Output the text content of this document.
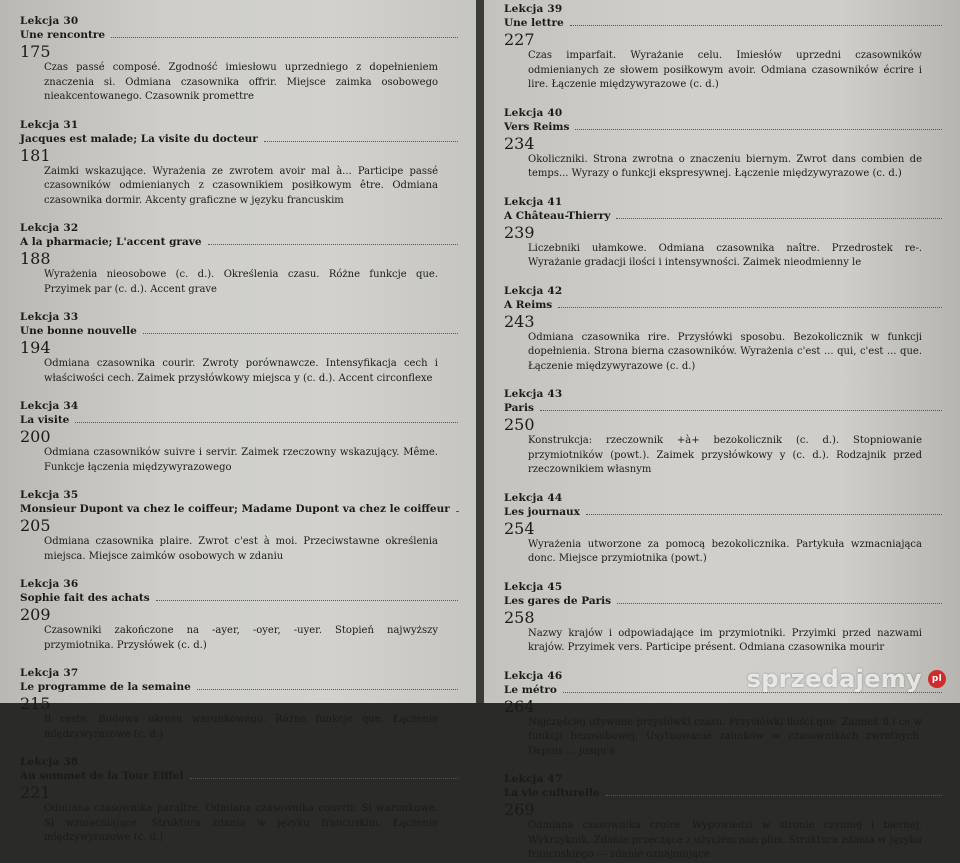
Lekcja 30
Une rencontre
175
Czas passé composé. Zgodność imiesłowu uprzedniego z dopełnieniem znaczenia si. Odmiana czasownika offrir. Miejsce zaimka osobowego nieakcentowanego. Czasownik promettre
Lekcja 31
Jacques est malade; La visite du docteur
181
Zaimki wskazujące. Wyrażenia ze zwrotem avoir mal à... Participe passé czasowników odmienianych z czasownikiem posiłkowym être. Odmiana czasownika dormir. Akcenty graficzne w języku francuskim
Lekcja 32
A la pharmacie; L'accent grave
188
Wyrażenia nieosobowe (c. d.). Określenia czasu. Różne funkcje que. Przyimek par (c. d.). Accent grave
Lekcja 33
Une bonne nouvelle
194
Odmiana czasownika courir. Zwroty porównawcze. Intensyfikacja cech i właściwości cech. Zaimek przysłówkowy miejsca y (c. d.). Accent circonflexe
Lekcja 34
La visite
200
Odmiana czasowników suivre i servir. Zaimek rzeczowny wskazujący. Même. Funkcje łączenia międzywyrazowego
Lekcja 35
Monsieur Dupont va chez le coiffeur; Madame Dupont va chez le coiffeur
205
Odmiana czasownika plaire. Zwrot c'est à moi. Przeciwstawne określenia miejsca. Miejsce zaimków osobowych w zdaniu
Lekcja 36
Sophie fait des achats
209
Czasowniki zakończone na -ayer, -oyer, -uyer. Stopień najwyższy przymiotnika. Przysłówek (c. d.)
Lekcja 37
Le programme de la semaine
215
Il reste. Budowa okresu warunkowego. Różne funkcje que. Łączenie międzywyrazowe (c. d.)
Lekcja 38
Au sommet de la Tour Eiffel
221
Odmiana czasownika paraître. Odmiana czasownika couvrir. Si warunkowe. Si wzmacniające. Struktura zdania w języku francuskim. Łączenie międzywyrazowe (c. d.)
Lekcja 39
Une lettre
227
Czas imparfait. Wyrażanie celu. Imiesłów uprzedni czasowników odmienianych ze słowem posiłkowym avoir. Odmiana czasowników écrire i lire. Łączenie międzywyrazowe (c. d.)
Lekcja 40
Vers Reims
234
Okoliczniki. Strona zwrotna o znaczeniu biernym. Zwrot dans combien de temps... Wyrazy o funkcji ekspresywnej. Łączenie międzywyrazowe (c. d.)
Lekcja 41
A Château-Thierry
239
Liczebniki ułamkowe. Odmiana czasownika naître. Przedrostek re-. Wyrażanie gradacji ilości i intensywności. Zaimek nieodmienny le
Lekcja 42
A Reims
243
Odmiana czasownika rire. Przysłówki sposobu. Bezokolicznik w funkcji dopełnienia. Strona bierna czasowników. Wyrażenia c'est ... qui, c'est ... que. Łączenie międzywyrazowe (c. d.)
Lekcja 43
Paris
250
Konstrukcja: rzeczownik +à+ bezokolicznik (c. d.). Stopniowanie przymiotników (powt.). Zaimek przysłówkowy y (c. d.). Rodzajnik przed rzeczownikiem własnym
Lekcja 44
Les journaux
254
Wyrażenia utworzone za pomocą bezokolicznika. Partykuła wzmacniająca donc. Miejsce przymiotnika (powt.)
Lekcja 45
Les gares de Paris
258
Nazwy krajów i odpowiadające im przymiotniki. Przyimki przed nazwami krajów. Przyimek vers. Participe présent. Odmiana czasownika mourir
Lekcja 46
Le métro
264
Najczęściej używane przysłówki czasu. Przysłówki ilości que. Zaimek il i ce w funkcji bezosobowej. Usytuowanie zaimków w czasownikach zwrotnych. Depuis ... jusqu'à
Lekcja 47
La vie culturelle
269
Odmiana czasownika croire. Wypowiedzi w stronie czynnej i biernej. Wykrzyknik. Zdania przeczące z użyciem non plus. Struktura zdania w języku francuskiego — zdanie oznajmujące
sprzedajemy	pl
